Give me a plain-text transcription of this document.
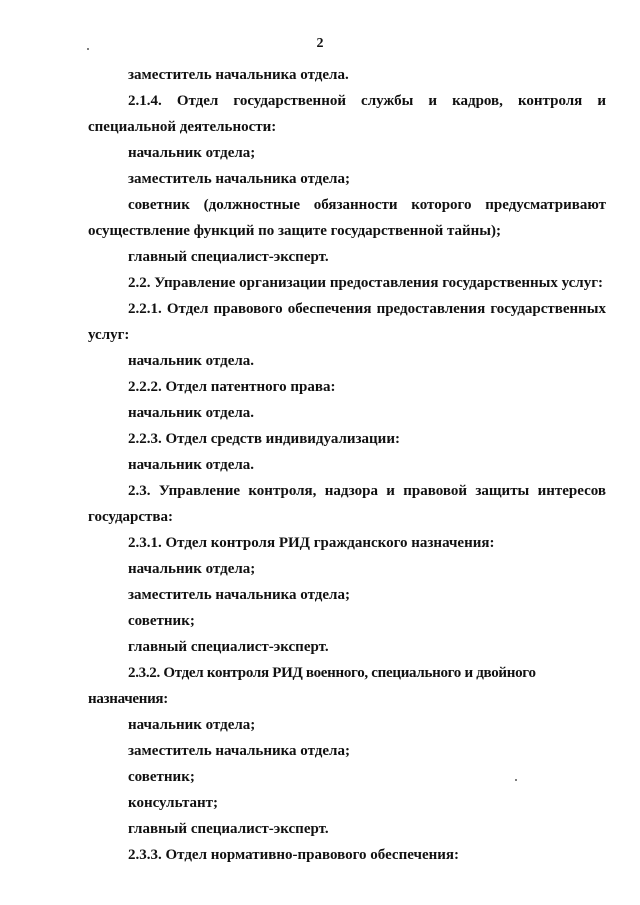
2

заместитель начальника отдела.

2.1.4. Отдел государственной службы и кадров, контроля и специальной деятельности:

начальник отдела;

заместитель начальника отдела;

советник (должностные обязанности которого предусматривают осуществление функций по защите государственной тайны);

главный специалист-эксперт.

2.2. Управление организации предоставления государственных услуг:

2.2.1. Отдел правового обеспечения предоставления государственных услуг:

начальник отдела.

2.2.2. Отдел патентного права:

начальник отдела.

2.2.3. Отдел средств индивидуализации:

начальник отдела.

2.3. Управление контроля, надзора и правовой защиты интересов государства:

2.3.1. Отдел контроля РИД гражданского назначения:

начальник отдела;

заместитель начальника отдела;

советник;

главный специалист-эксперт.

2.3.2. Отдел контроля РИД военного, специального и двойного назначения:

начальник отдела;

заместитель начальника отдела;

советник;

консультант;

главный специалист-эксперт.

2.3.3. Отдел нормативно-правового обеспечения:
